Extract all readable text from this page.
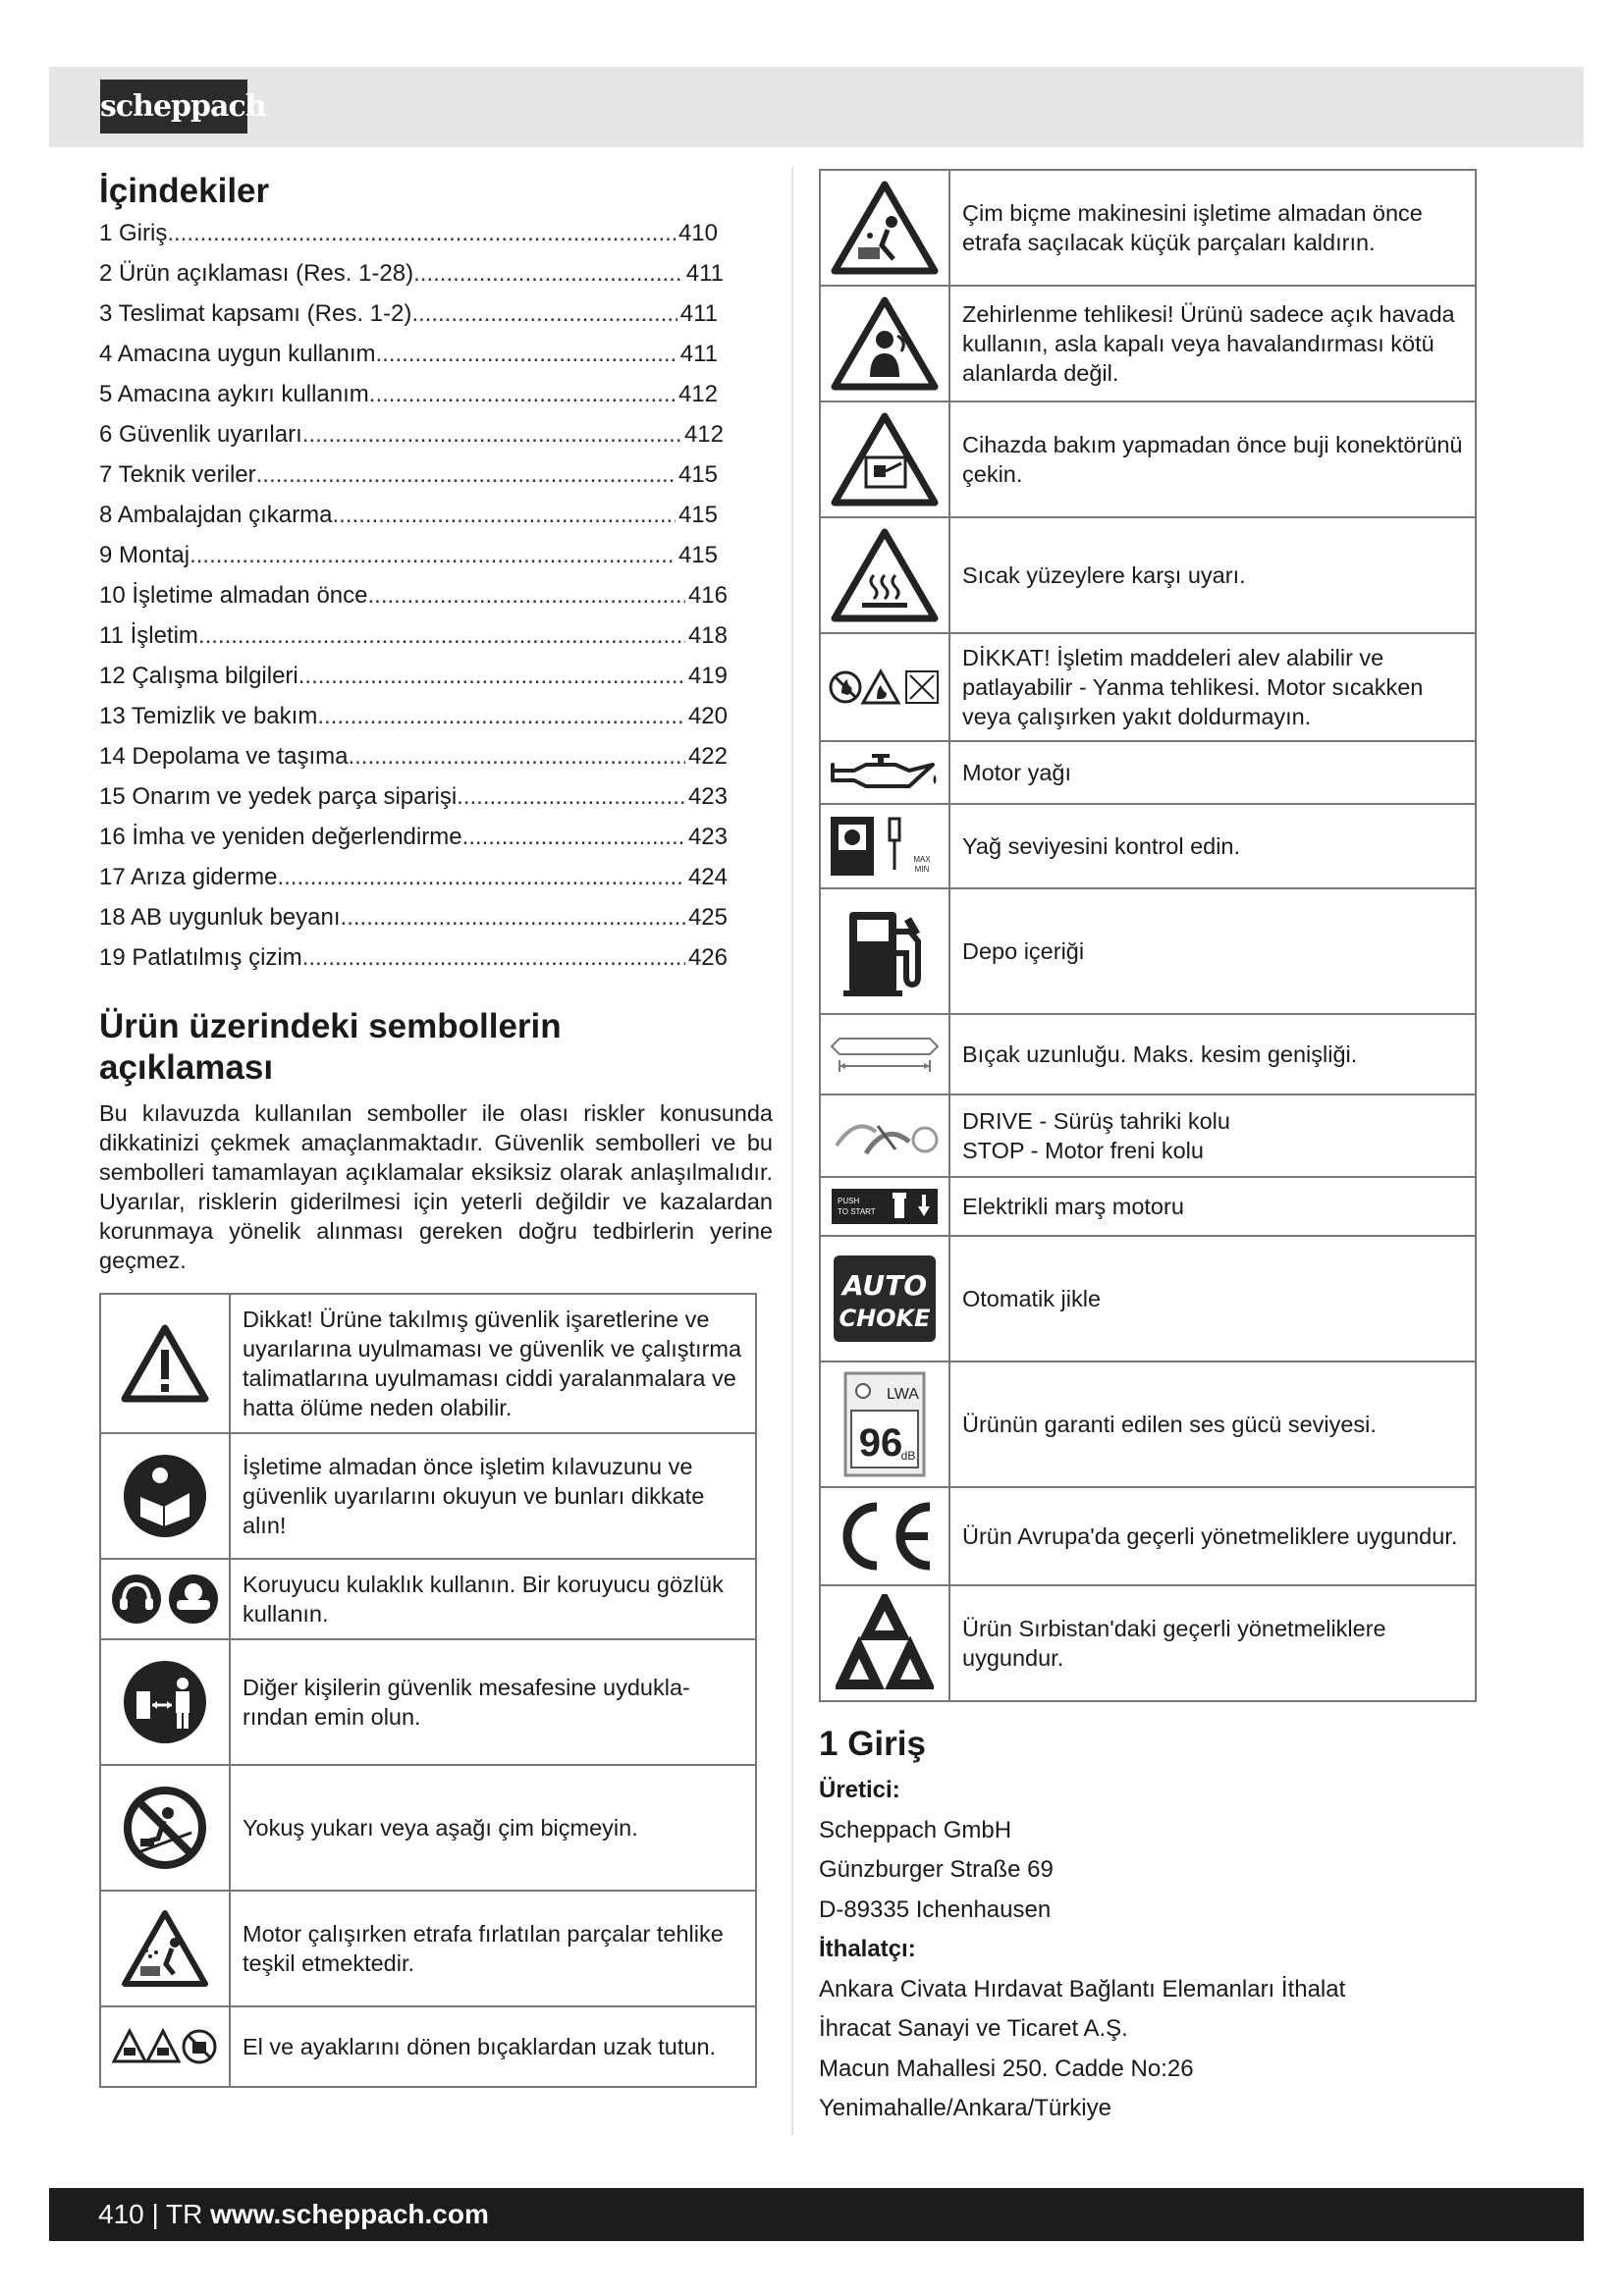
scheppach
İçindekiler
1 Giriş .....	410
2 Ürün açıklaması (Res. 1-28) .....	411
3 Teslimat kapsamı (Res. 1-2) .....	411
4 Amacına uygun kullanım .....	411
5 Amacına aykırı kullanım .....	412
6 Güvenlik uyarıları .....	412
7 Teknik veriler .....	415
8 Ambalajdan çıkarma .....	415
9 Montaj .....	415
10 İşletime almadan önce .....	416
11 İşletim .....	418
12 Çalışma bilgileri .....	419
13 Temizlik ve bakım .....	420
14 Depolama ve taşıma .....	422
15 Onarım ve yedek parça siparişi .....	423
16 İmha ve yeniden değerlendirme .....	423
17 Arıza giderme .....	424
18 AB uygunluk beyanı .....	425
19 Patlatılmış çizim .....	426
Ürün üzerindeki sembollerin
açıklaması

Bu kılavuzda kullanılan semboller ile olası riskler konusunda dikkatinizi çekmek amaçlanmaktadır. Güvenlik sembolleri ve bu sembolleri tamamlayan açıklamalar eksiksiz olarak anlaşılmalıdır. Uyarılar, risklerin giderilmesi için yeterli değildir ve kazalardan korunmaya yönelik alınması gereken doğru tedbirlerin yerine geçmez.

	Dikkat! Ürüne takılmış güvenlik işaretlerine ve uyarılarına uyulmaması ve güvenlik ve çalıştırma talimatlarına uyulmaması ciddi yaralanmalara ve hatta ölüme neden olabilir.

	İşletime almadan önce işletim kılavuzunu ve güvenlik uyarılarını okuyun ve bunları dikkate alın!

	Koruyucu kulaklık kullanın. Bir koruyucu gözlük kullanın.

	Diğer kişilerin güvenlik mesafesine uyduklarından emin olun.

	Yokuş yukarı veya aşağı çim biçmeyin.

	Motor çalışırken etrafa fırlatılan parçalar tehlike teşkil etmektedir.

	El ve ayaklarını dönen bıçaklardan uzak tutun.
	Çim biçme makinesini işletime almadan önce etrafa saçılacak küçük parçaları kaldırın.

	Zehirlenme tehlikesi! Ürünü sadece açık havada kullanın, asla kapalı veya havalandırması kötü alanlarda değil.

	Cihazda bakım yapmadan önce buji konektörünü çekin.

	Sıcak yüzeylere karşı uyarı.

	DİKKAT! İşletim maddeleri alev alabilir ve patlayabilir - Yanma tehlikesi. Motor sıcakken veya çalışırken yakıt doldurmayın.

	Motor yağı

MAX
MIN	Yağ seviyesini kontrol edin.

	Depo içeriği

	Bıçak uzunluğu. Maks. kesim genişliği.

	DRIVE - Sürüş tahriki kolu
STOP - Motor freni kolu

PUSH
TO START	Elektrikli marş motoru

AUTO
CHOKE	Otomatik jikle

LWA
96
dB	Ürünün garanti edilen ses gücü seviyesi.

	Ürün Avrupa'da geçerli yönetmeliklere uygundur.

	Ürün Sırbistan'daki geçerli yönetmeliklere uygundur.
1 Giriş
Üretici:
Scheppach GmbH
Günzburger Straße 69
D-89335 Ichenhausen
İthalatçı:
Ankara Civata Hırdavat Bağlantı Elemanları İthalat
İhracat Sanayi ve Ticaret A.Ş.
Macun Mahallesi 250. Cadde No:26
Yenimahalle/Ankara/Türkiye
410 | TR www.scheppach.com
